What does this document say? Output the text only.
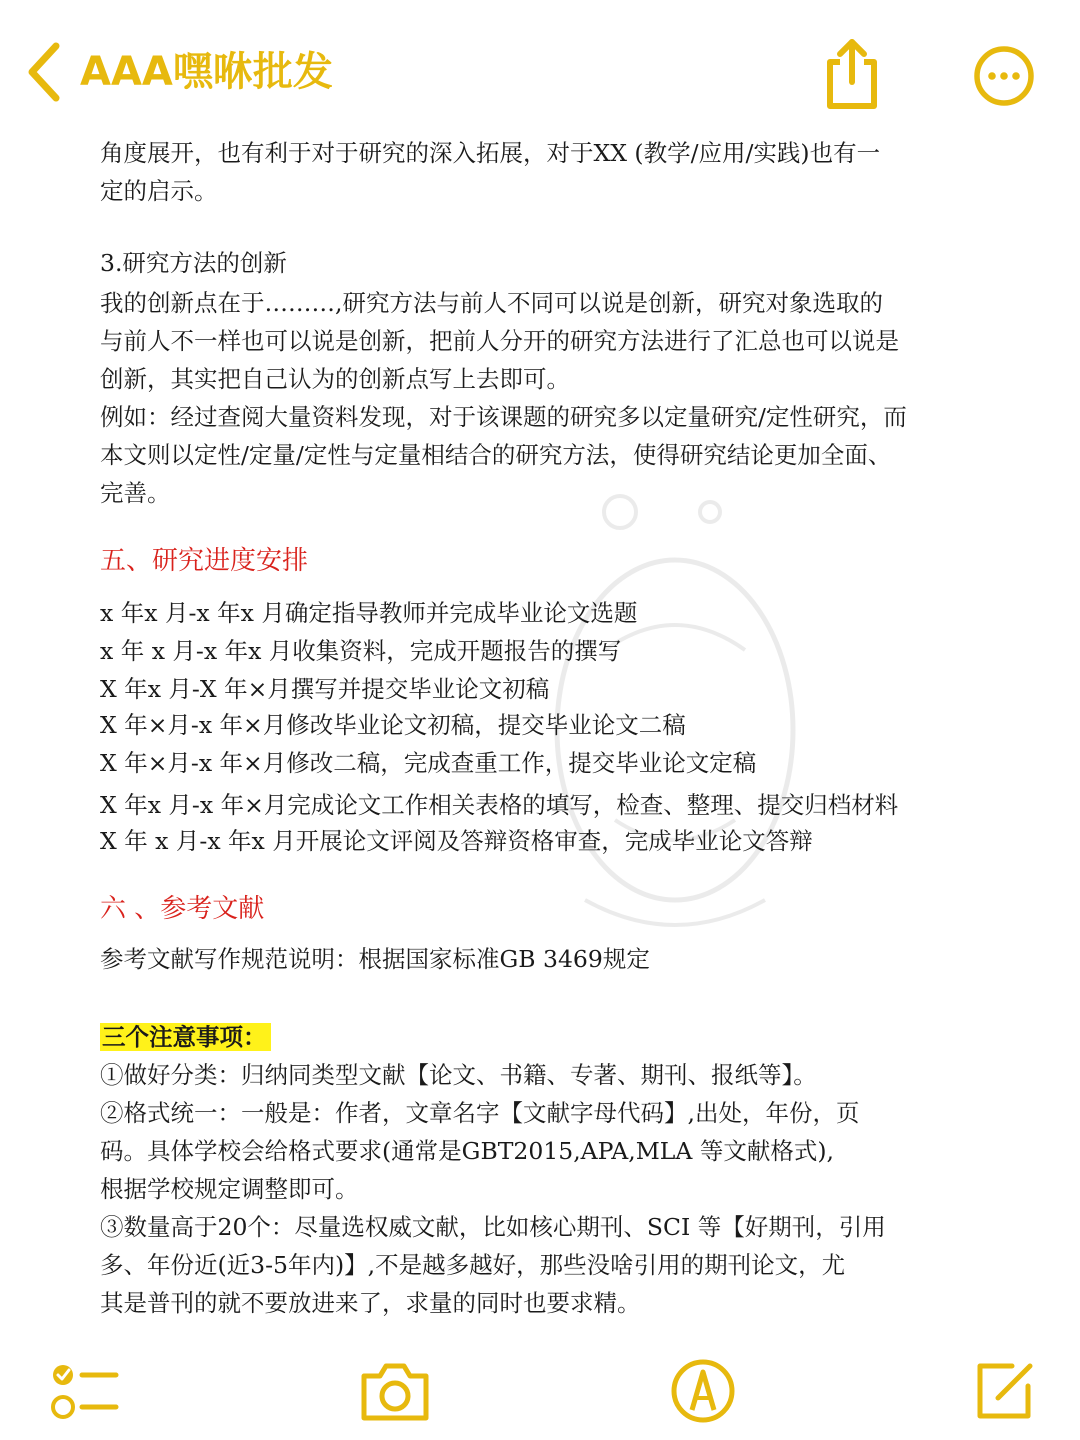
AAA嘿咻批发
角度展开，也有利于对于研究的深入拓展，对于XX (教学/应用/实践)也有一
定的启示。
3.研究方法的创新
我的创新点在于………,研究方法与前人不同可以说是创新，研究对象选取的
与前人不一样也可以说是创新，把前人分开的研究方法进行了汇总也可以说是
创新，其实把自己认为的创新点写上去即可。
例如：经过查阅大量资料发现，对于该课题的研究多以定量研究/定性研究，而
本文则以定性/定量/定性与定量相结合的研究方法，使得研究结论更加全面、
完善。
五、研究进度安排
x 年x 月-x 年x 月确定指导教师并完成毕业论文选题
x 年 x 月-x 年x 月收集资料，完成开题报告的撰写
X 年x 月-X 年×月撰写并提交毕业论文初稿
X 年×月-x 年×月修改毕业论文初稿，提交毕业论文二稿
X 年×月-x 年×月修改二稿，完成查重工作，提交毕业论文定稿
X 年x 月-x 年×月完成论文工作相关表格的填写，检查、整理、提交归档材料
X 年 x 月-x 年x 月开展论文评阅及答辩资格审查，完成毕业论文答辩
六 、参考文献
参考文献写作规范说明：根据国家标准GB 3469规定
三个注意事项：
①做好分类：归纳同类型文献【论文、书籍、专著、期刊、报纸等】。
②格式统一：一般是：作者，文章名字【文献字母代码】,出处，年份，页
码。具体学校会给格式要求(通常是GBT2015,APA,MLA 等文献格式),
根据学校规定调整即可。
③数量高于20个：尽量选权威文献，比如核心期刊、SCI 等【好期刊，引用
多、年份近(近3-5年内)】,不是越多越好，那些没啥引用的期刊论文，尤
其是普刊的就不要放进来了，求量的同时也要求精。
